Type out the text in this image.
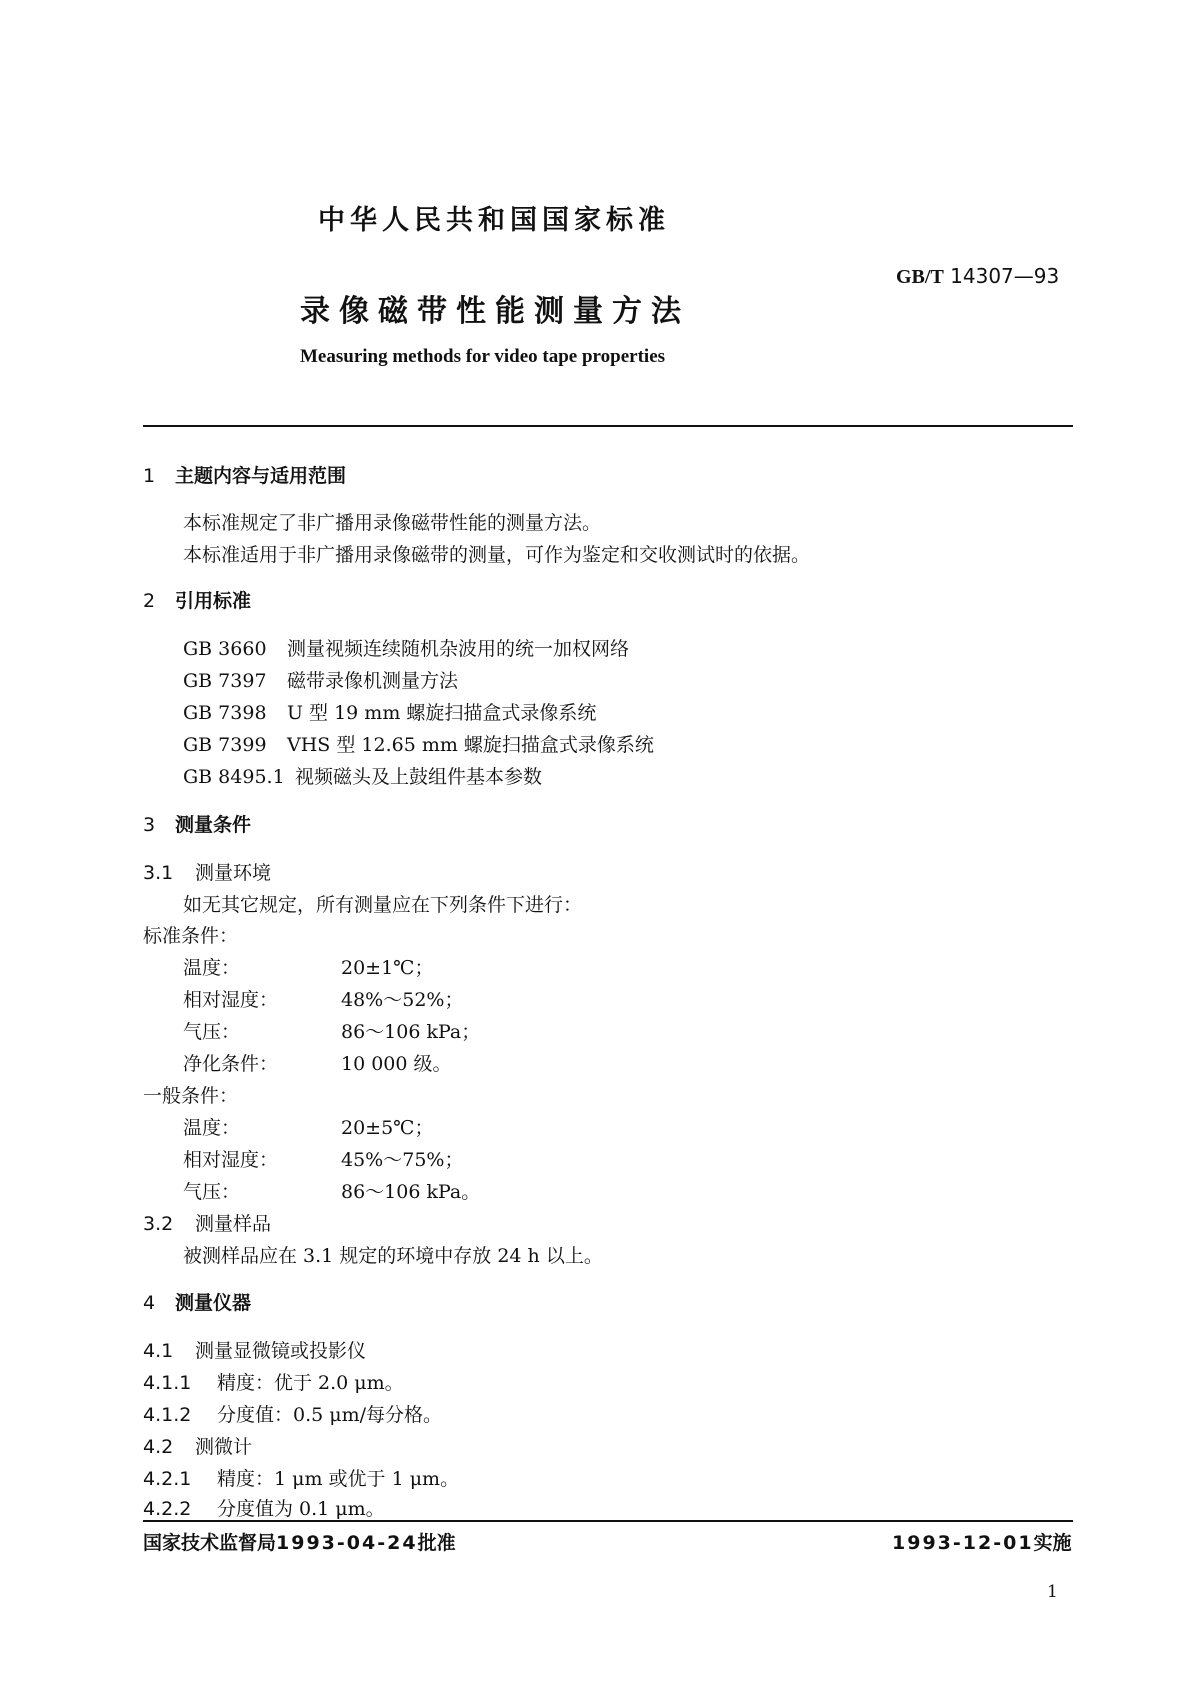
中华人民共和国国家标准
GB/T 14307—93
录像磁带性能测量方法
Measuring methods for video tape properties
1 主题内容与适用范围
本标准规定了非广播用录像磁带性能的测量方法。
本标准适用于非广播用录像磁带的测量，可作为鉴定和交收测试时的依据。
2 引用标准
GB 3660 测量视频连续随机杂波用的统一加权网络
GB 7397 磁带录像机测量方法
GB 7398 U 型 19 mm 螺旋扫描盒式录像系统
GB 7399 VHS 型 12.65 mm 螺旋扫描盒式录像系统
GB 8495.1 视频磁头及上鼓组件基本参数
3 测量条件
3.1 测量环境
如无其它规定，所有测量应在下列条件下进行：
标准条件：
温度：	20±1℃；
相对湿度：	48%～52%；
气压：	86～106 kPa；
净化条件：	10 000 级。
一般条件：
温度：	20±5℃；
相对湿度：	45%～75%；
气压：	86～106 kPa。
3.2 测量样品
被测样品应在 3.1 规定的环境中存放 24 h 以上。
4 测量仪器
4.1 测量显微镜或投影仪
4.1.1 精度：优于 2.0 μm。
4.1.2 分度值：0.5 μm/每分格。
4.2 测微计
4.2.1 精度：1 μm 或优于 1 μm。
4.2.2 分度值为 0.1 μm。
国家技术监督局1993-04-24批准	1993-12-01实施
1
